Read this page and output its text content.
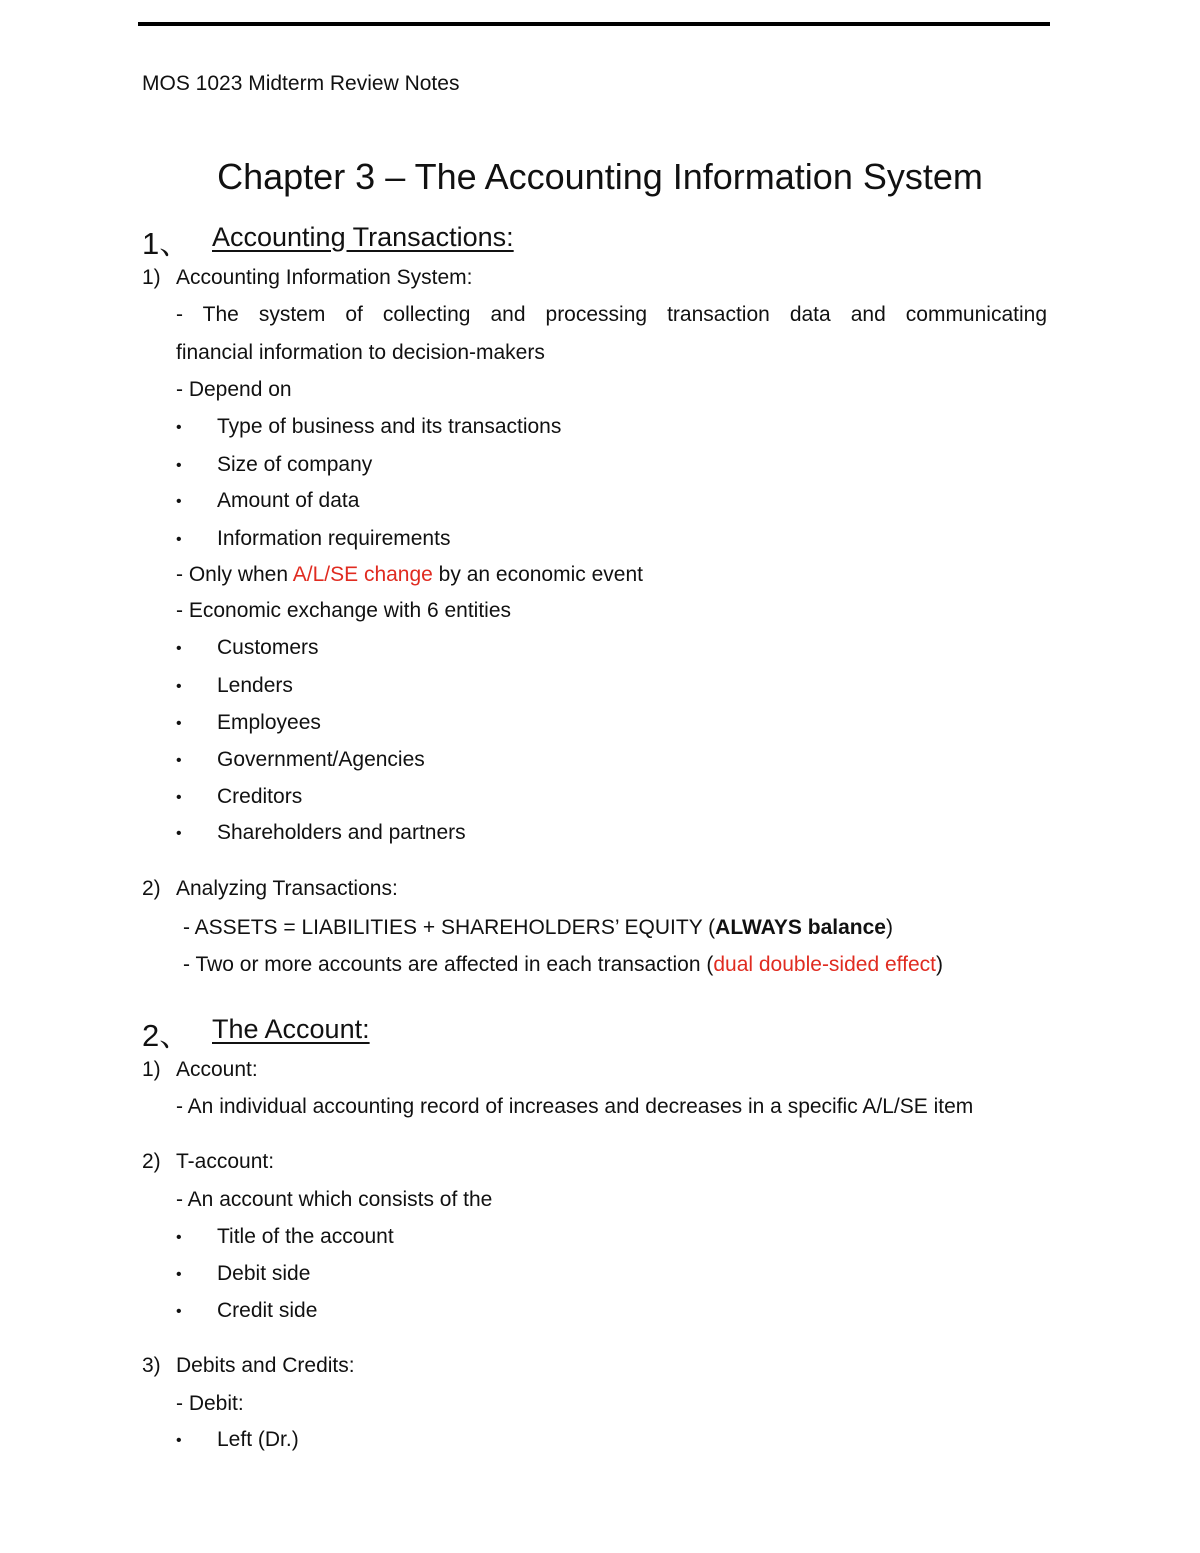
MOS 1023 Midterm Review Notes
Chapter 3 – The Accounting Information System
1、 Accounting Transactions:
1) Accounting Information System:
- The system of collecting and processing transaction data and communicating
financial information to decision-makers
- Depend on
• Type of business and its transactions
• Size of company
• Amount of data
• Information requirements
- Only when A/L/SE change by an economic event
- Economic exchange with 6 entities
• Customers
• Lenders
• Employees
• Government/Agencies
• Creditors
• Shareholders and partners
2) Analyzing Transactions:
- ASSETS = LIABILITIES + SHAREHOLDERS’ EQUITY (ALWAYS balance)
- Two or more accounts are affected in each transaction (dual double-sided effect)
2、 The Account:
1) Account:
- An individual accounting record of increases and decreases in a specific A/L/SE item
2) T-account:
- An account which consists of the
• Title of the account
• Debit side
• Credit side
3) Debits and Credits:
- Debit:
• Left (Dr.)
